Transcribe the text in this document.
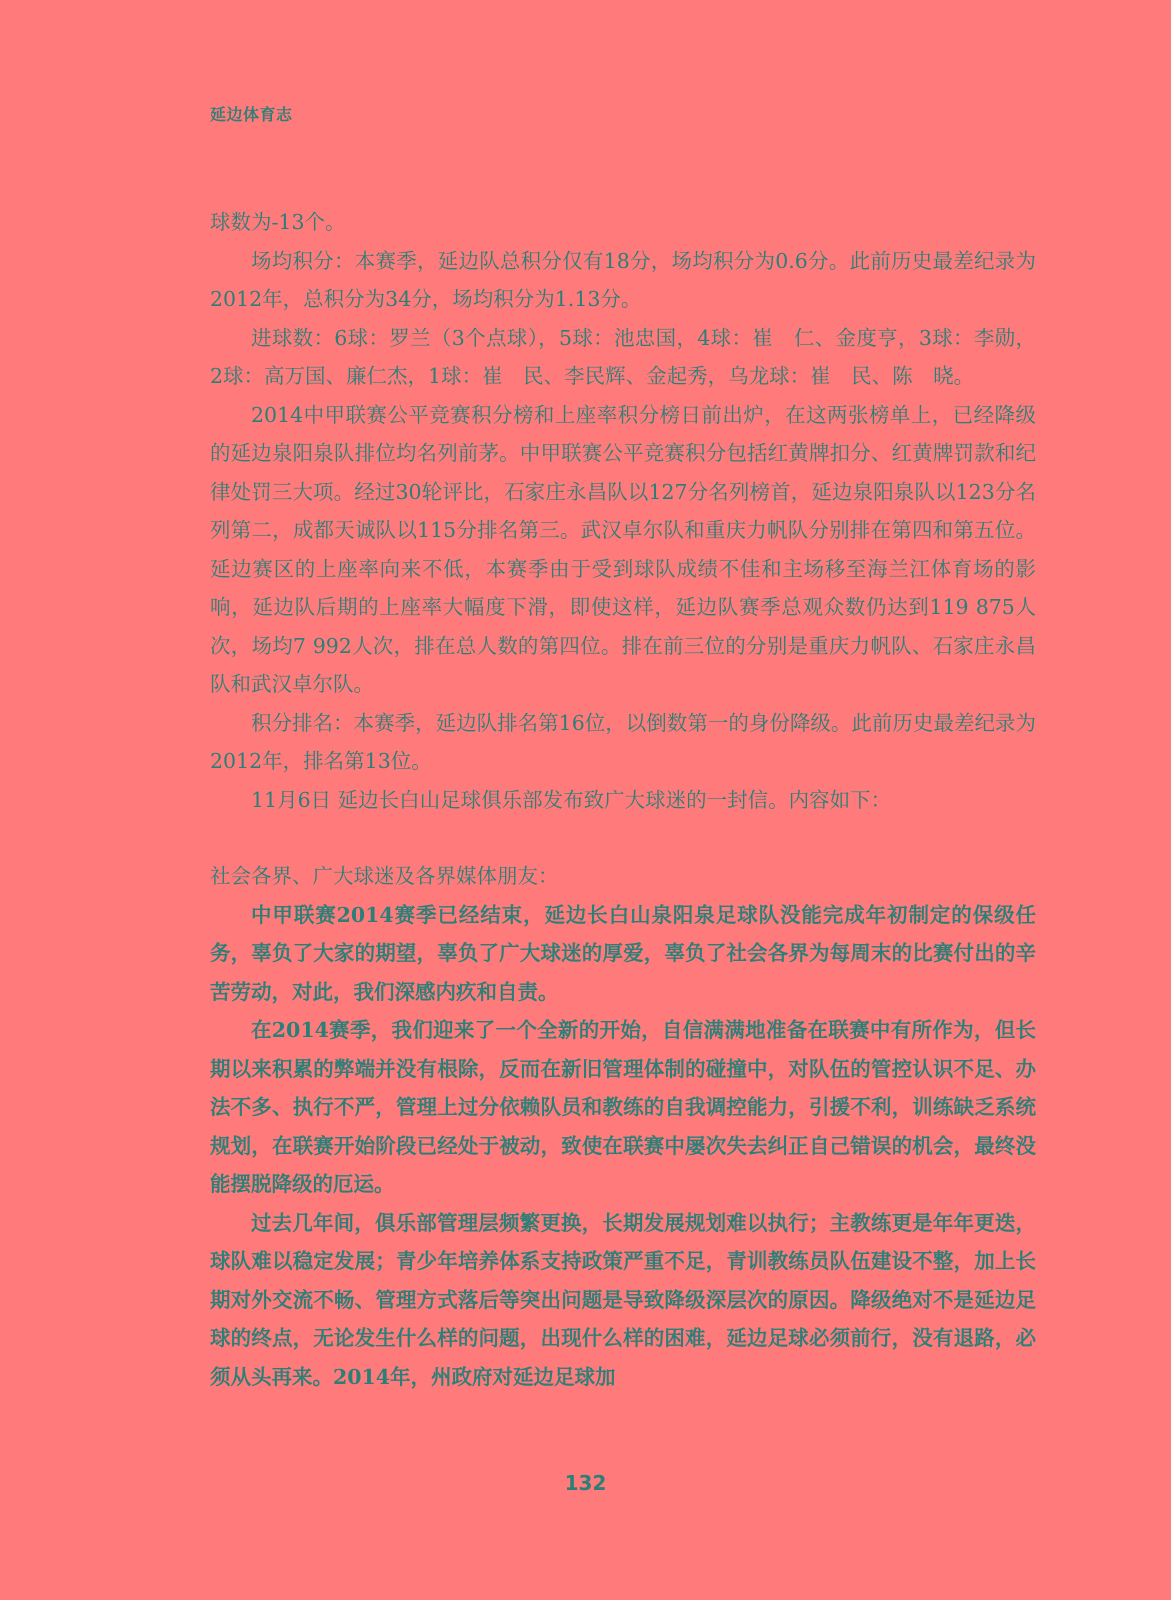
延边体育志

球数为-13个。

场均积分：本赛季，延边队总积分仅有18分，场均积分为0.6分。此前历史最差纪录为2012年，总积分为34分，场均积分为1.13分。

进球数：6球：罗兰（3个点球），5球：池忠国，4球：崔　仁、金度亨，3球：李勋，2球：高万国、廉仁杰，1球：崔　民、李民辉、金起秀，乌龙球：崔　民、陈　晓。

2014中甲联赛公平竞赛积分榜和上座率积分榜日前出炉，在这两张榜单上，已经降级的延边泉阳泉队排位均名列前茅。中甲联赛公平竞赛积分包括红黄牌扣分、红黄牌罚款和纪律处罚三大项。经过30轮评比，石家庄永昌队以127分名列榜首，延边泉阳泉队以123分名列第二，成都天诚队以115分排名第三。武汉卓尔队和重庆力帆队分别排在第四和第五位。延边赛区的上座率向来不低，本赛季由于受到球队成绩不佳和主场移至海兰江体育场的影响，延边队后期的上座率大幅度下滑，即使这样，延边队赛季总观众数仍达到119 875人次，场均7 992人次，排在总人数的第四位。排在前三位的分别是重庆力帆队、石家庄永昌队和武汉卓尔队。

积分排名：本赛季，延边队排名第16位，以倒数第一的身份降级。此前历史最差纪录为2012年，排名第13位。

11月6日 延边长白山足球俱乐部发布致广大球迷的一封信。内容如下：

社会各界、广大球迷及各界媒体朋友：

中甲联赛2014赛季已经结束，延边长白山泉阳泉足球队没能完成年初制定的保级任务，辜负了大家的期望，辜负了广大球迷的厚爱，辜负了社会各界为每周末的比赛付出的辛苦劳动，对此，我们深感内疚和自责。

在2014赛季，我们迎来了一个全新的开始，自信满满地准备在联赛中有所作为，但长期以来积累的弊端并没有根除，反而在新旧管理体制的碰撞中，对队伍的管控认识不足、办法不多、执行不严，管理上过分依赖队员和教练的自我调控能力，引援不利，训练缺乏系统规划，在联赛开始阶段已经处于被动，致使在联赛中屡次失去纠正自己错误的机会，最终没能摆脱降级的厄运。

过去几年间，俱乐部管理层频繁更换，长期发展规划难以执行；主教练更是年年更迭，球队难以稳定发展；青少年培养体系支持政策严重不足，青训教练员队伍建设不整，加上长期对外交流不畅、管理方式落后等突出问题是导致降级深层次的原因。降级绝对不是延边足球的终点，无论发生什么样的问题，出现什么样的困难，延边足球必须前行，没有退路，必须从头再来。2014年，州政府对延边足球加

132
